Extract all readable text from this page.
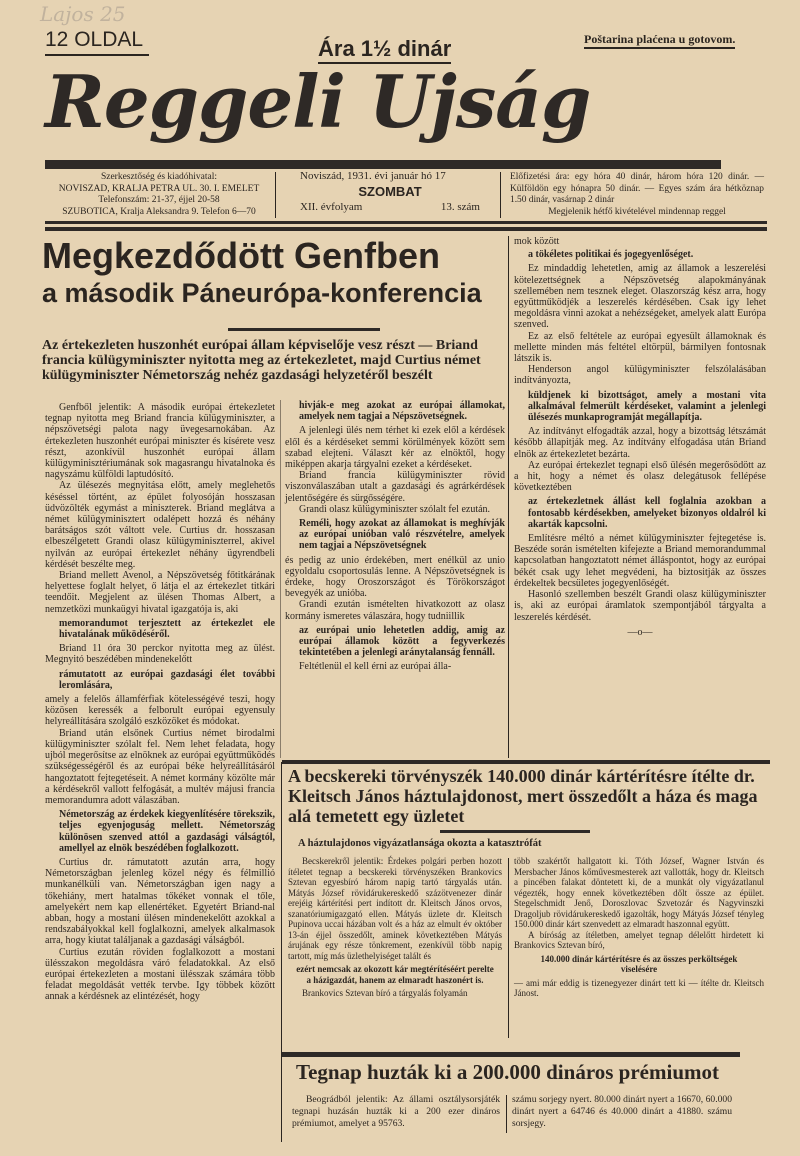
Lajos 25
12 OLDAL	Ára 1½ dinár	Poštarina plaćena u gotovom.
Reggeli Ujság
Szerkesztőség és kiadóhivatal:
NOVISZAD, KRALJA PETRA UL. 30. I. EMELET
Telefonszám: 21-37, éjjel 20-58
SZUBOTICA, Kralja Aleksandra 9. Telefon 6—70
Noviszád, 1931. évi január hó 17
SZOMBAT
XII. évfolyam	13. szám
Előfizetési ára: egy hóra 40 dinár, három hóra 120 dinár. — Külföldön egy hónapra 50 dinár. — Egyes szám ára hétköznap 1.50 dinár, vasárnap 2 dinár
Megjelenik hétfő kivételével mindennap reggel
Megkezdődött Genfben
a második Páneurópa-konferencia
Az értekezleten huszonhét európai állam képviselője vesz részt — Briand francia külügyminiszter nyitotta meg az értekezletet, majd Curtius német külügyminiszter Németország nehéz gazdasági helyzetéről beszélt

Genfből jelentik: A második európai értekezletet tegnap nyitotta meg Briand francia külügyminiszter, a népszövetségi palota nagy üvegesarnokában. Az értekezleten huszonhét európai miniszter és kísérete vesz részt, azonkívül huszonhét európai állam külügyminisztériumának sok magasrangu hivatalnoka és nagyszámu külföldi laptudósító.

Az ülésezés megnyitása előtt, amely meglehetős késéssel történt, az épület folyosóján hosszasan üdvözölték egymást a miniszterek. Briand meglátva a német külügyminisztert odalépett hozzá és néhány barátságos szót váltott vele. Curtius dr. hosszasan elbeszélgetett Grandi olasz külügyminiszterrel, akivel nyilván az európai értekezlet néhány ügyrendbeli kérdését beszélte meg.

Briand mellett Avenol, a Népszövetség főtitkárának helyettese foglalt helyet, ő látja el az értekezlet titkári teendőit. Megjelent az ülésen Thomas Albert, a nemzetközi munkaügyi hivatal igazgatója is, aki

memorandumot terjesztett az értekezlet ele hivatalának működéséről.

Briand 11 óra 30 perckor nyitotta meg az ülést. Megnyitó beszédében mindenekelőtt

rámutatott az európai gazdasági élet további leromlására,

amely a felelős államférfiak kötelességévé teszi, hogy közösen keressék a felborult európai egyensuly helyreállítására szolgáló eszközöket és módokat.

Briand után elsőnek Curtius német birodalmi külügyminiszter szólalt fel. Nem lehet feladata, hogy ujból megerősítse az elnöknek az európai együttműködés szükségességéről és az európai béke helyreállításáról hangoztatott fejtegetéseit. A német kormány közölte már a kérdésekről vallott felfogását, a multév májusi francia memorandumra adott válaszában.

Németország az érdekek kiegyenlítésére törekszik, teljes egyenjoguság mellett. Németország különösen szenved attól a gazdasági válságtól, amellyel az elnök beszédében foglalkozott.

Curtius dr. rámutatott azután arra, hogy Németországban jelenleg közel négy és félmillió munkanélküli van. Németországban igen nagy a tőkehiány, mert hatalmas tőkéket vonnak el tőle, amelyekért nem kap ellenértéket. Egyetért Briand-nal abban, hogy a mostani ülésen mindenekelőtt azokkal a rendszabályokkal kell foglalkozni, amelyek alkalmasok arra, hogy kiutat találjanak a gazdasági válságból.

Curtius ezután röviden foglalkozott a mostani ülésszakon megoldásra váró feladatokkal. Az első európai értekezleten a mostani ülésszak számára több feladat megoldását vették tervbe. Igy többek között annak a kérdésnek az elintézését, hogy

hivják-e meg azokat az európai államokat, amelyek nem tagjai a Népszövetségnek.

A jelenlegi ülés nem térhet ki ezek elől a kérdések elől és a kérdéseket semmi körülmények között sem szabad elejteni. Választ kér az elnöktől, hogy miképpen akarja tárgyalni ezeket a kérdéseket.

Briand francia külügyminiszter rövid viszonválaszában utalt a gazdasági és agrárkérdések jelentőségére és sürgősségére.

Grandi olasz külügyminiszter szólalt fel ezután.

Reméli, hogy azokat az államokat is meghívják az európai unióban való részvételre, amelyek nem tagjai a Népszövetségnek

és pedig az unio érdekében, mert enélkül az unio egyoldalu csoportosulás lenne. A Népszövetségnek is érdeke, hogy Oroszországot és Törökországot bevegyék az unióba.

Grandi ezután ismételten hivatkozott az olasz kormány ismeretes válaszára, hogy tudniillik

az európai unio lehetetlen addig, amig az európai államok között a fegyverkezés tekintetében a jelenlegi aránytalanság fennáll.

Feltétlenül el kell érni az európai álla-

mok között

a tökéletes politikai és jogegyenlőséget.

Ez mindaddig lehetetlen, amig az államok a leszerelési kötelezettségnek a Népszövetség alapokmányának szellemében nem tesznek eleget. Olaszország kész arra, hogy együttműködjék a leszerelés kérdésében. Csak igy lehet megoldásra vinni azokat a nehézségeket, amelyek alatt Európa szenved.

Ez az első feltétele az európai egyesült államoknak és mellette minden más feltétel eltörpül, bármilyen fontosnak látszik is.

Henderson angol külügyminiszter felszólalásában indítványozta,

küldjenek ki bizottságot, amely a mostani vita alkalmával felmerült kérdéseket, valamint a jelenlegi ülésezés munkaprogramját megállapítja.

Az indítványt elfogadták azzal, hogy a bizottság létszámát később állapitják meg. Az indítvány elfogadása után Briand elnök az értekezletet bezárta.

Az európai értekezlet tegnapi első ülésén megerősödött az a hit, hogy a német és olasz delegátusok fellépése következtében

az értekezletnek állást kell foglalnia azokban a fontosabb kérdésekben, amelyeket bizonyos oldalról ki akarták kapcsolni.

Említésre méltó a német külügyminiszter fejtegetése is. Beszéde során ismételten kifejezte a Briand memorandummal kapcsolatban hangoztatott német álláspontot, hogy az európai békét csak ugy lehet megvédeni, ha biztositják az összes érdekeltek becsületes jogegyenlőségét.

Hasonló szellemben beszélt Grandi olasz külügyminiszter is, aki az európai áramlatok szempontjából tárgyalta a leszerelés kérdését.

—o—

A becskereki törvényszék 140.000 dinár kártérítésre ítélte dr. Kleitsch János háztulajdonost, mert összedőlt a háza és maga alá temetett egy üzletet
A háztulajdonos vigyázatlansága okozta a katasztrófát

Becskerekről jelentik: Érdekes polgári perben hozott ítéletet tegnap a becskereki törvényszéken Brankovics Sztevan egyesbíró három napig tartó tárgyalás után. Mátyás József rövidárukereskedő százötvenezer dinár erejéig kártérítési pert indított dr. Kleitsch János orvos, szanatóriumigazgató ellen. Mátyás üzlete dr. Kleitsch Pupinova uccai házában volt és a ház az elmult év október 13-án éjjel összedőlt, aminek következtében Mátyás árujának egy része tönkrement, ezenkívül több napig tartott, míg más üzlethelyiséget talált és

ezért nemcsak az okozott kár megtérítéséért perelte a házigazdát, hanem az elmaradt haszonért is.

Brankovics Sztevan bíró a tárgyalás folyamán

több szakértőt hallgatott ki. Tóth József, Wagner István és Mersbacher János kőművesmesterek azt vallották, hogy dr. Kleitsch a pincében falakat döntetett ki, de a munkát oly vigyázatlanul végezték, hogy ennek következtében dőlt össze az épület. Stegelschmidt Jenő, Doroszlovac Szvetozár és Nagyvinszki Dragoljub rövidárukereskedő igazolták, hogy Mátyás József tényleg 150.000 dinár kárt szenvedett az elmaradt haszonnal együtt.

A bíróság az ítéletben, amelyet tegnap délelőtt hirdetett ki Brankovics Sztevan bíró,

140.000 dinár kártérítésre és az összes perköltségek viselésére

— ami már eddig is tizenegyezer dinárt tett ki — ítélte dr. Kleitsch Jánost.

Tegnap huzták ki a 200.000 dináros prémiumot

Beográdból jelentik: Az állami osztálysorsjáték tegnapi huzásán huzták ki a 200 ezer dináros prémiumot, amelyet a 95763.

számu sorjegy nyert. 80.000 dinárt nyert a 16670, 60.000 dinárt nyert a 64746 és 40.000 dinárt a 41880. számu sorsjegy.
